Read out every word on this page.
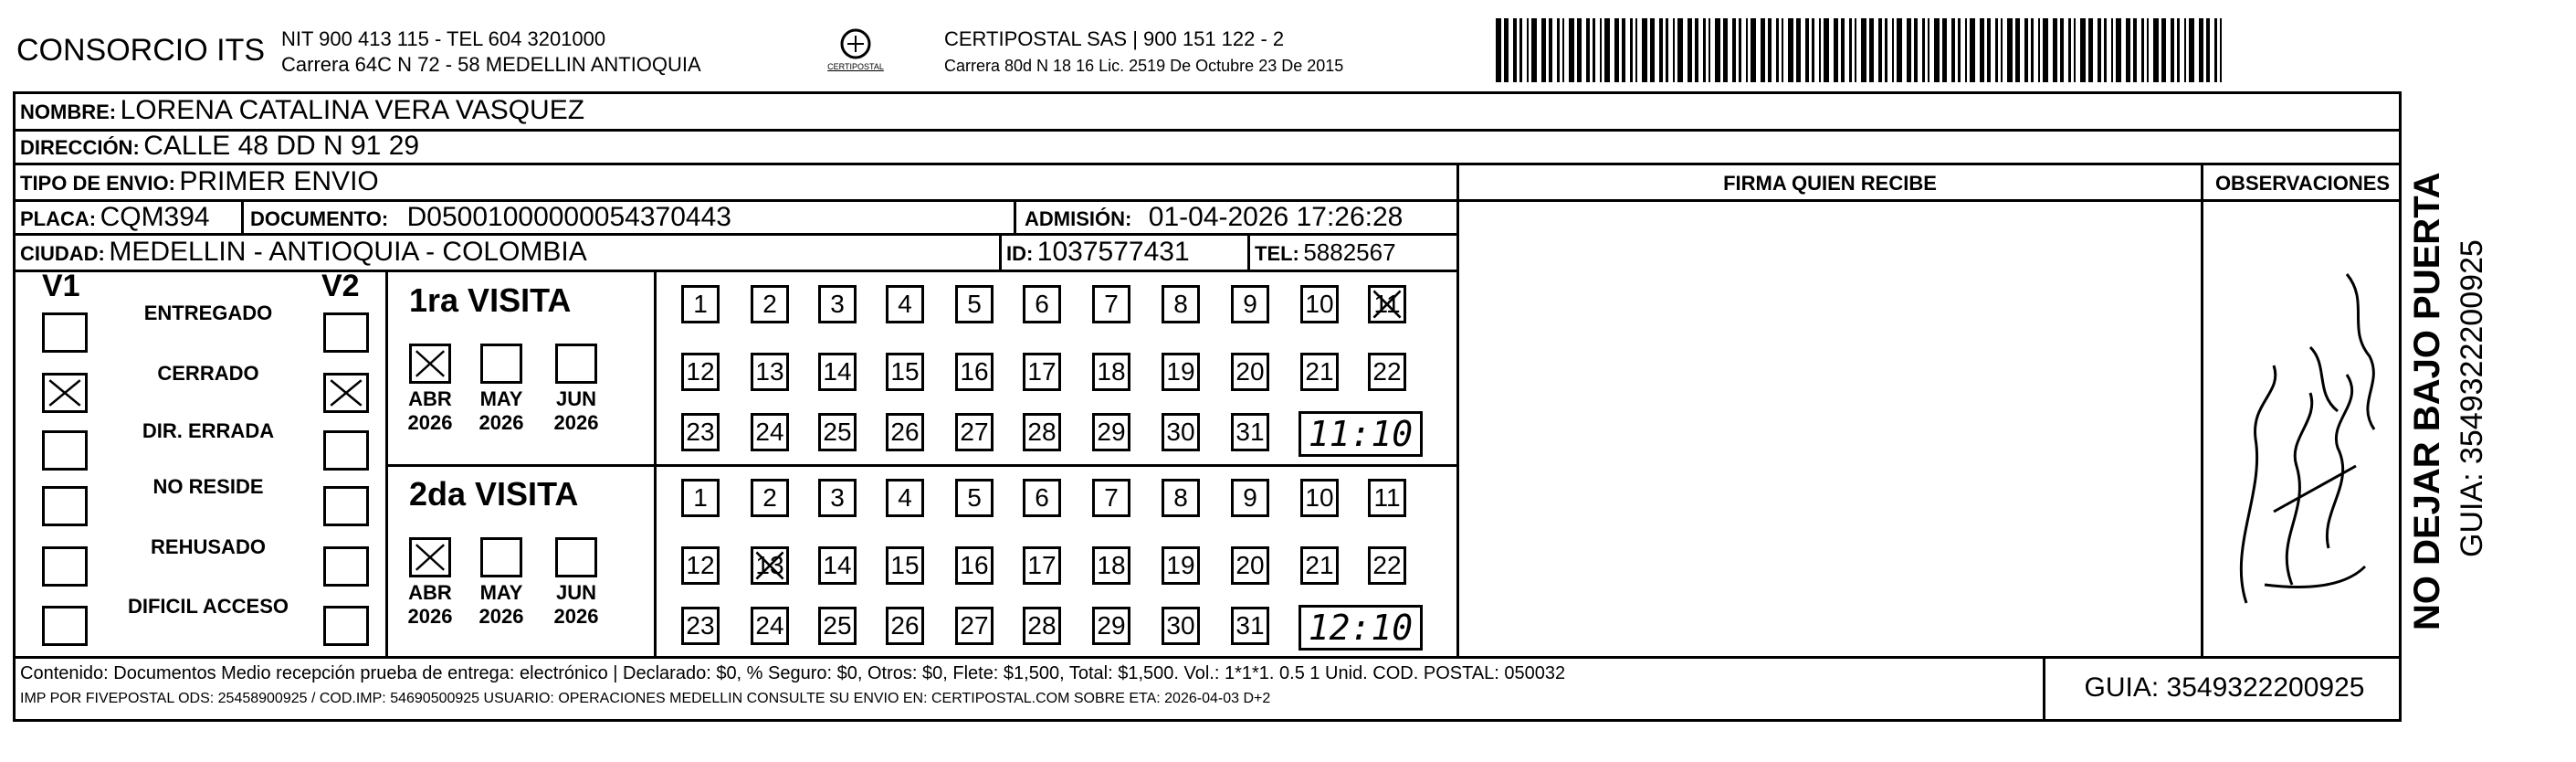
CONSORCIO ITS NIT 900 413 115 - TEL 604 3201000
Carrera 64C N 72 - 58 MEDELLIN ANTIOQUIA	CERTIPOSTAL
CERTIPOSTAL SAS | 900 151 122 - 2
Carrera 80d N 18 16 Lic. 2519 De Octubre 23 De 2015
NOMBRE: LORENA CATALINA VERA VASQUEZ
DIRECCIÓN: CALLE 48 DD N 91 29
TIPO DE ENVIO: PRIMER ENVIO	FIRMA QUIEN RECIBE	OBSERVACIONES
PLACA: CQM394 DOCUMENTO: D05001000000054370443	ADMISIÓN: 01-04-2026 17:26:28
CIUDAD: MEDELLIN - ANTIOQUIA - COLOMBIA	ID: 1037577431	TEL: 5882567
V1	V2
ENTREGADO
CERRADO
DIR. ERRADA
NO RESIDE
REHUSADO
DIFICIL ACCESO
1ra VISITA
ABR
2026
MAY
2026
JUN
2026
1	2	3	4	5	6	7	8	9	10 11
12 13 14 15 16 17 18 19 20 21 22
23 24 25 26 27 28 29 30 31 11:10
2da VISITA
ABR
2026
MAY
2026
JUN
2026
1	2	3	4	5	6	7	8	9	10 11
12 13 14 15 16 17 18 19 20 21 22
23 24 25 26 27 28 29 30 31 12:10
Contenido: Documentos Medio recepción prueba de entrega: electrónico | Declarado: $0, % Seguro: $0, Otros: $0, Flete: $1,500, Total: $1,500. Vol.: 1*1*1. 0.5 1 Unid. COD. POSTAL: 050032
IMP POR FIVEPOSTAL ODS: 25458900925 / COD.IMP: 54690500925 USUARIO: OPERACIONES MEDELLIN CONSULTE SU ENVIO EN: CERTIPOSTAL.COM SOBRE ETA: 2026-04-03 D+2	GUIA: 3549322200925
NO DEJAR BAJO PUERTA GUIA: 3549322200925
